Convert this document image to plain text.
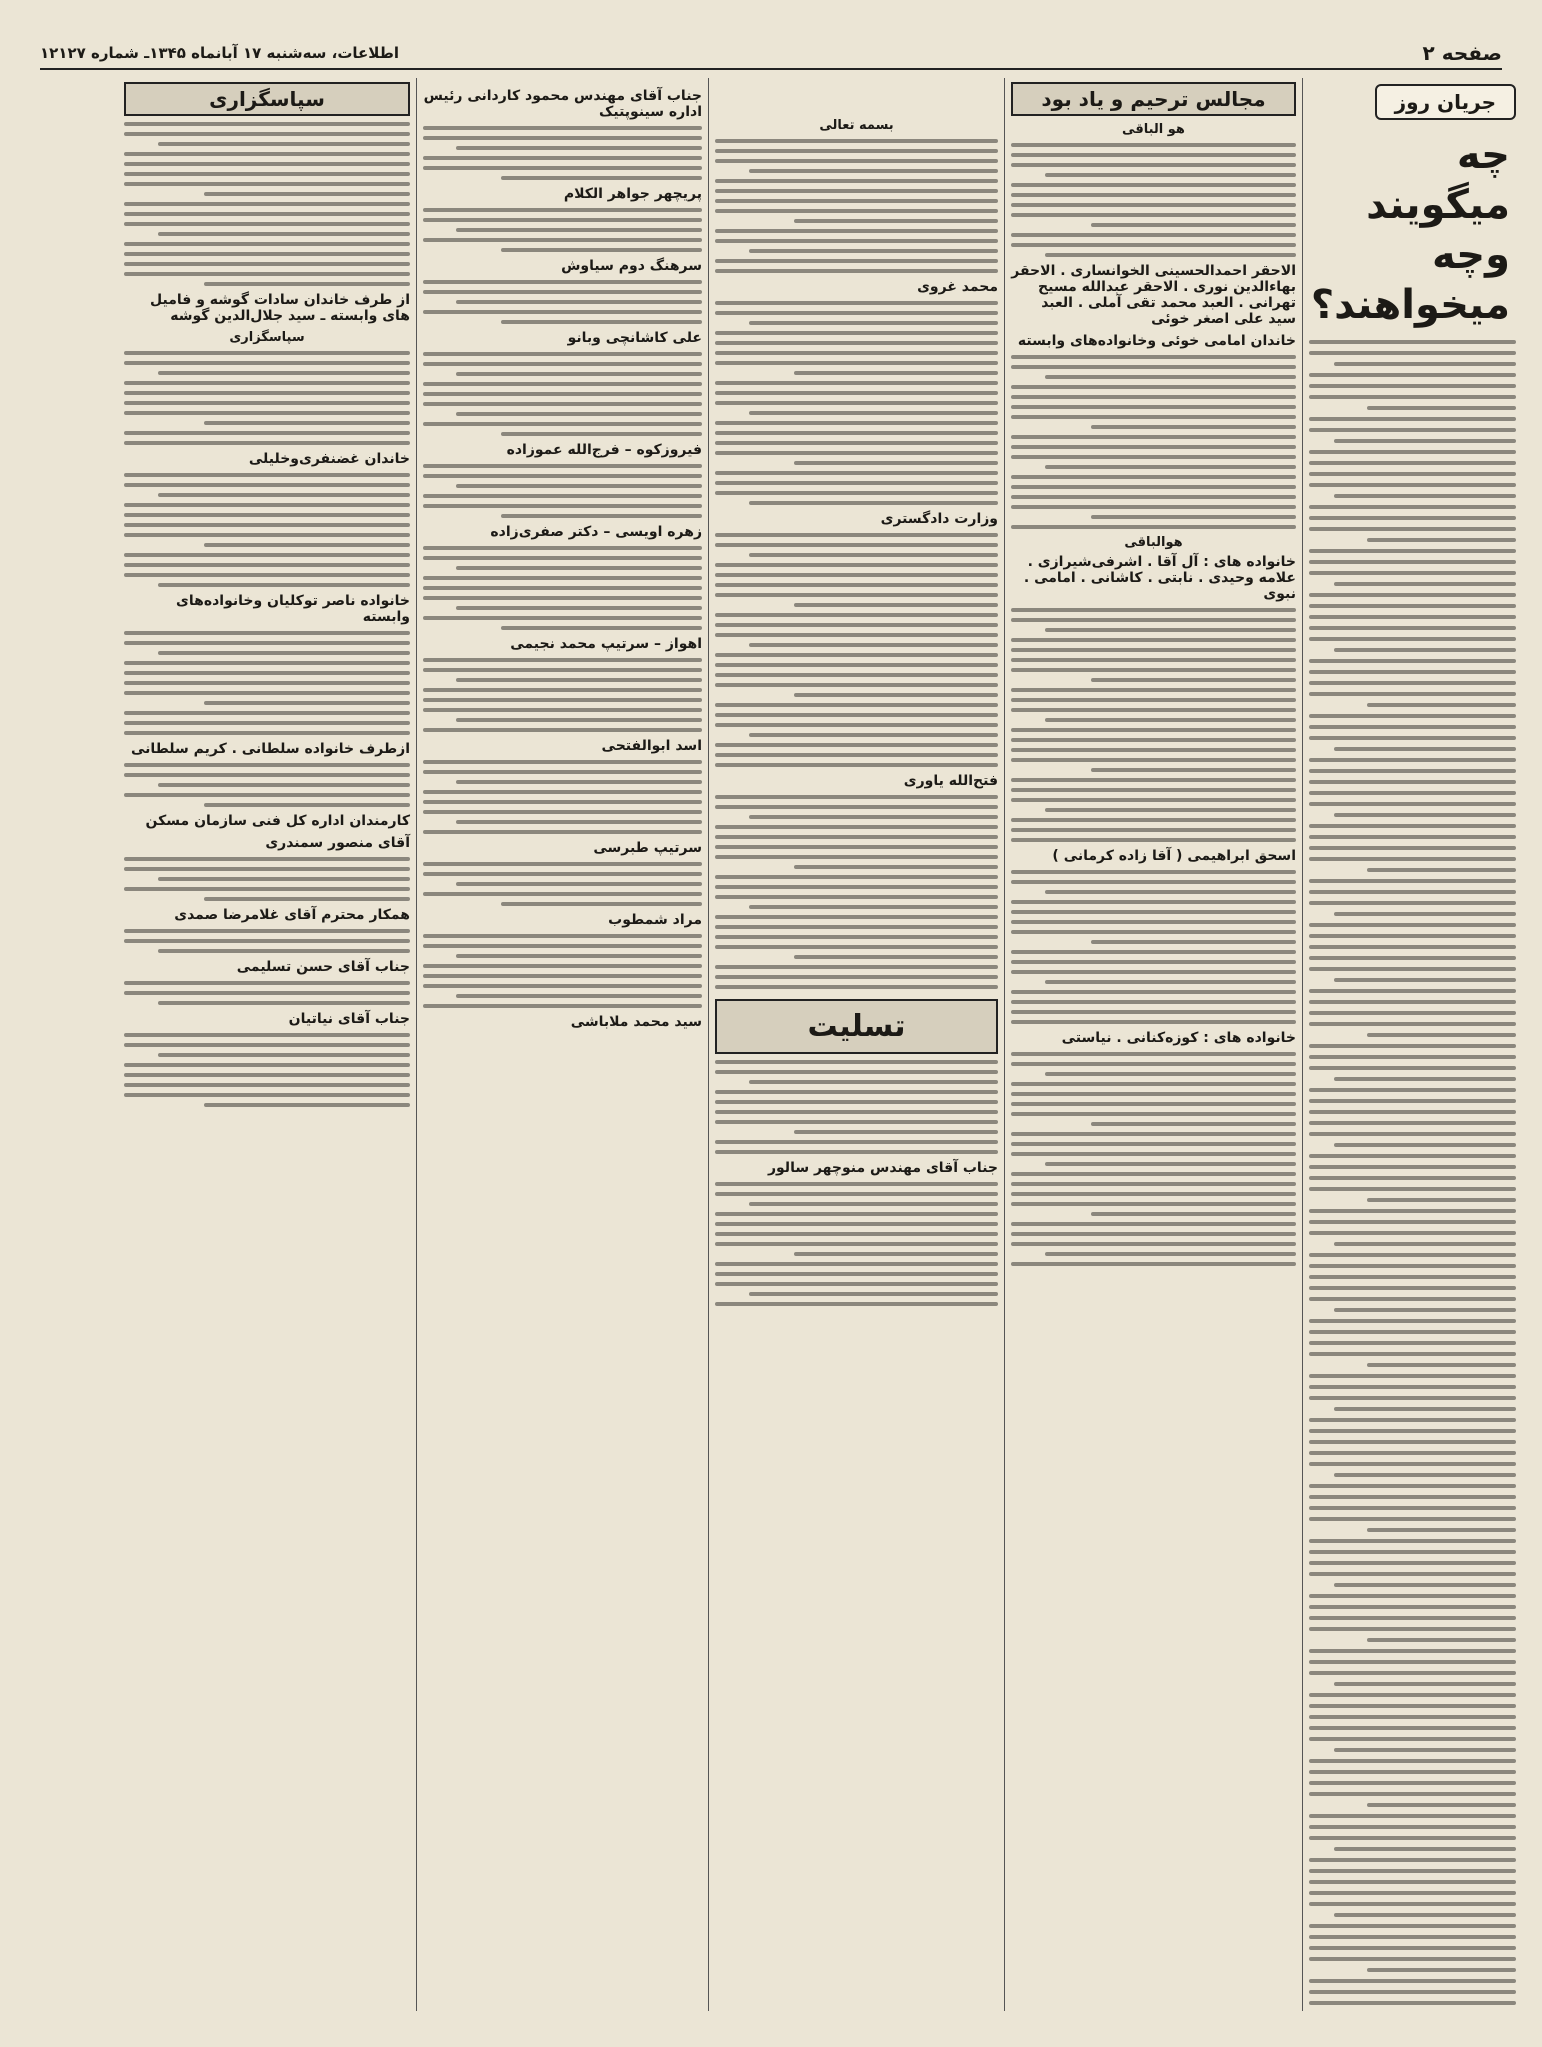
صفحه ۲
اطلاعات، سه‌شنبه ۱۷ آبانماه ۱۳۴۵ـ شماره ۱۲۱۲۷
جریان روز
چه میگویند وچه میخواهند؟
مجالس ترحیم و یاد بود
هو الباقی
الاحقر احمدالحسینی الخوانساری . الاحقر بهاءالدین نوری . الاحقر عبدالله مسیح تهرانی . العبد محمد تقی آملی . العبد سید علی اصغر خوئی
خاندان امامی خوئی وخانواده‌های وابسته
هوالباقی
خانواده های : آل آقا . اشرفی‌شیرازی . علامه وحیدی . نابتی . کاشانی . امامی . نبوی
اسحق ابراهیمی ( آقا زاده کرمانی )
خانواده های : کوزه‌کنانی . نیاستی
بسمه تعالی
محمد غروی
وزارت دادگستری
فتح‌الله یاوری
تسلیت
جناب آقای مهندس منوچهر سالور
جناب آقای مهندس محمود کاردانی رئیس اداره سینوپتیک
پریچهر جواهر الکلام
سرهنگ دوم سیاوش
علی کاشانچی وبانو
فیروزکوه – فرج‌الله عموزاده
زهره اویسی – دکتر صفری‌زاده
اهواز – سرتیپ محمد نجیمی
اسد ابوالفتحی
سرتیپ طبرسی
مراد شمطوب
سید محمد ملاباشی
سپاسگزاری
از طرف خاندان سادات گوشه و فامیل های وابسته ـ سید جلال‌الدین گوشه
سپاسگزاری
خاندان غضنفری‌وخلیلی
خانواده ناصر توکلیان وخانواده‌های وابسته
ازطرف خانواده سلطانی . کریم سلطانی
کارمندان اداره کل فنی سازمان مسکن
آقای منصور سمندری
همکار محترم آقای غلامرضا صمدی
جناب آقای حسن تسلیمی
جناب آقای نیاتیان
